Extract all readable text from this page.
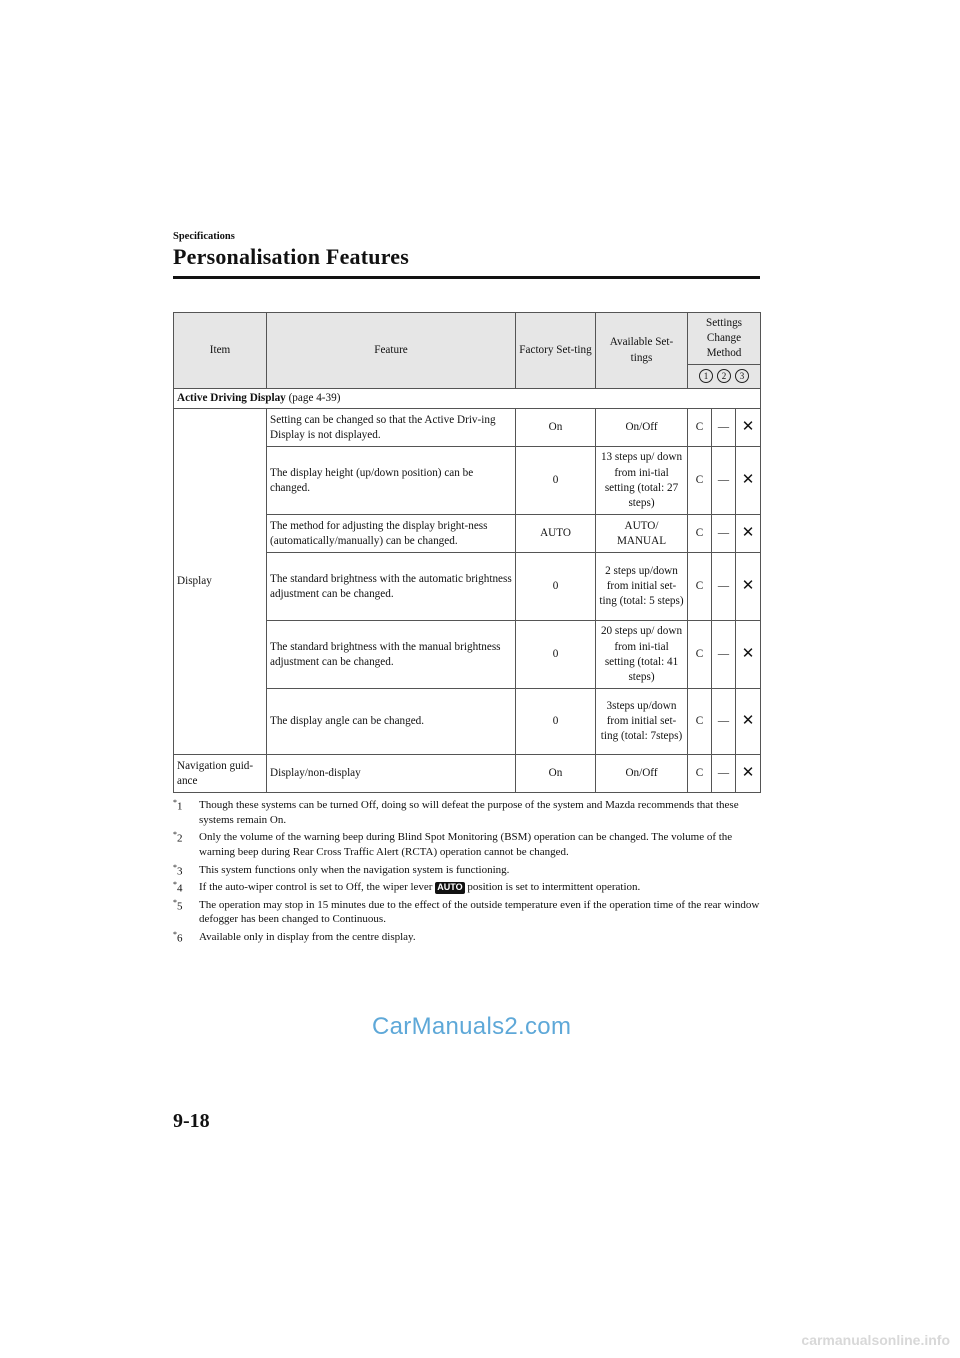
Specifications
Personalisation Features
Item	Feature	Factory Set-ting	Available Set-tings	Settings Change Method		
				1 2 3		
Active Driving Display (page 4-39)						
Display	Setting can be changed so that the Active Driv-ing Display is not displayed.	On	On/Off	C	—	✕
	The display height (up/down position) can be changed.	0	13 steps up/ down from ini-tial setting (total: 27 steps)	C	—	✕
	The method for adjusting the display bright-ness (automatically/manually) can be changed.	AUTO	AUTO/ MANUAL	C	—	✕
	The standard brightness with the automatic brightness adjustment can be changed.	0	2 steps up/down from initial set-ting (total: 5 steps)	C	—	✕
	The standard brightness with the manual brightness adjustment can be changed.	0	20 steps up/ down from ini-tial setting (total: 41 steps)	C	—	✕
	The display angle can be changed.	0	3steps up/down from initial set-ting (total: 7steps)	C	—	✕
Navigation guid-ance	Display/non-display	On	On/Off	C	—	✕
*1 Though these systems can be turned Off, doing so will defeat the purpose of the system and Mazda recommends that these systems remain On.
*2 Only the volume of the warning beep during Blind Spot Monitoring (BSM) operation can be changed. The volume of the warning beep during Rear Cross Traffic Alert (RCTA) operation cannot be changed.
*3 This system functions only when the navigation system is functioning.
*4 If the auto-wiper control is set to Off, the wiper lever AUTO position is set to intermittent operation.
*5 The operation may stop in 15 minutes due to the effect of the outside temperature even if the operation time of the rear window defogger has been changed to Continuous.
*6 Available only in display from the centre display.
CarManuals2.com
9-18
carmanualsonline.info
